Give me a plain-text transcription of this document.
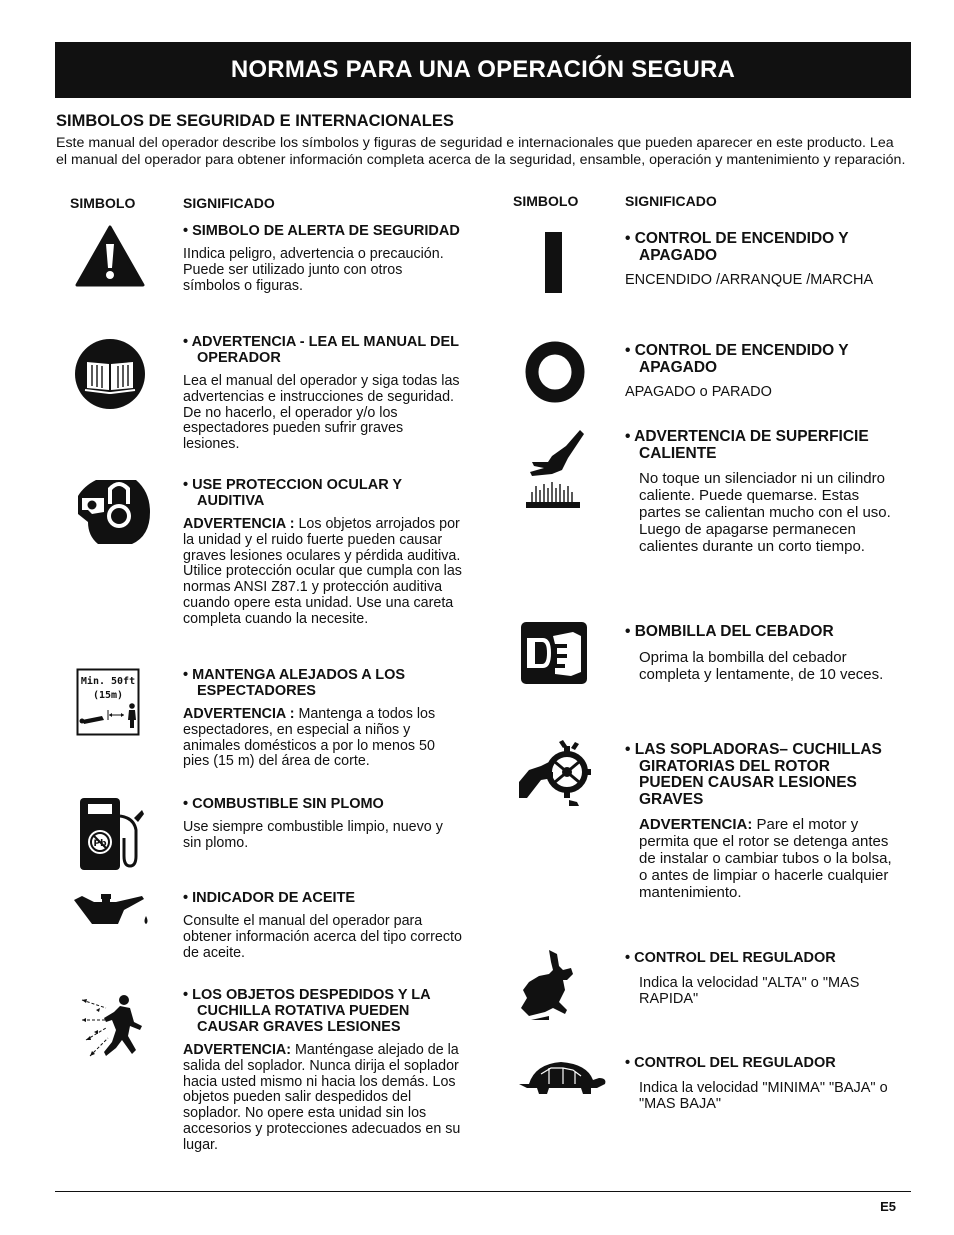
NORMAS PARA UNA OPERACIÓN SEGURA
SIMBOLOS DE SEGURIDAD E INTERNACIONALES
Este manual del operador describe los símbolos y figuras de seguridad e internacionales que pueden aparecer en este producto. Lea el manual del operador para obtener información completa acerca de la seguridad, ensamble, operación y mantenimiento y reparación.
SIMBOLO	SIGNIFICADO	SIMBOLO	SIGNIFICADO
Min. 50ft
(15m)
Pb
• SIMBOLO DE ALERTA DE SEGURIDAD
IIndica peligro, advertencia o precaución. Puede ser utilizado junto con otros símbolos o figuras.
• ADVERTENCIA - LEA EL MANUAL DEL OPERADOR
Lea el manual del operador y siga todas las advertencias e instrucciones de seguridad. De no hacerlo, el operador y/o los espectadores pueden sufrir graves lesiones.
• USE PROTECCION OCULAR Y AUDITIVA
ADVERTENCIA : Los objetos arrojados por la unidad y el ruido fuerte pueden causar graves lesiones oculares y pérdida auditiva. Utilice protección ocular que cumpla con las normas ANSI Z87.1 y protección auditiva cuando opere esta unidad. Use una careta completa cuando la necesite.
• MANTENGA ALEJADOS A LOS ESPECTADORES
ADVERTENCIA : Mantenga a todos los espectadores, en especial a niños y animales domésticos a por lo menos 50 pies (15 m) del área de corte.
• COMBUSTIBLE SIN PLOMO
Use siempre combustible limpio, nuevo y sin plomo.
• INDICADOR DE ACEITE
Consulte el manual del operador para obtener información acerca del tipo correcto de aceite.
• LOS OBJETOS DESPEDIDOS Y LA CUCHILLA ROTATIVA PUEDEN CAUSAR GRAVES LESIONES
ADVERTENCIA: Manténgase alejado de la salida del soplador. Nunca dirija el soplador hacia usted mismo ni hacia los demás. Los objetos pueden salir despedidos del soplador. No opere esta unidad sin los accesorios y protecciones adecuados en su lugar.
• CONTROL DE ENCENDIDO Y APAGADO
ENCENDIDO /ARRANQUE /MARCHA
• CONTROL DE ENCENDIDO Y APAGADO
APAGADO o PARADO
• ADVERTENCIA DE SUPERFICIE CALIENTE
No toque un silenciador ni un cilindro caliente. Puede quemarse. Estas partes se calientan mucho con el uso. Luego de apagarse permanecen calientes durante un corto tiempo.
• BOMBILLA DEL CEBADOR
Oprima la bombilla del cebador completa y lentamente, de 10 veces.
• LAS SOPLADORAS– CUCHILLAS GIRATORIAS DEL ROTOR PUEDEN CAUSAR LESIONES GRAVES
ADVERTENCIA: Pare el motor y permita que el rotor se detenga antes de instalar o cambiar tubos o la bolsa, o antes de limpiar o hacerle cualquier mantenimiento.
• CONTROL DEL REGULADOR
Indica la velocidad "ALTA" o "MAS RAPIDA"
• CONTROL DEL REGULADOR
Indica la velocidad "MINIMA" "BAJA" o "MAS BAJA"
E5
